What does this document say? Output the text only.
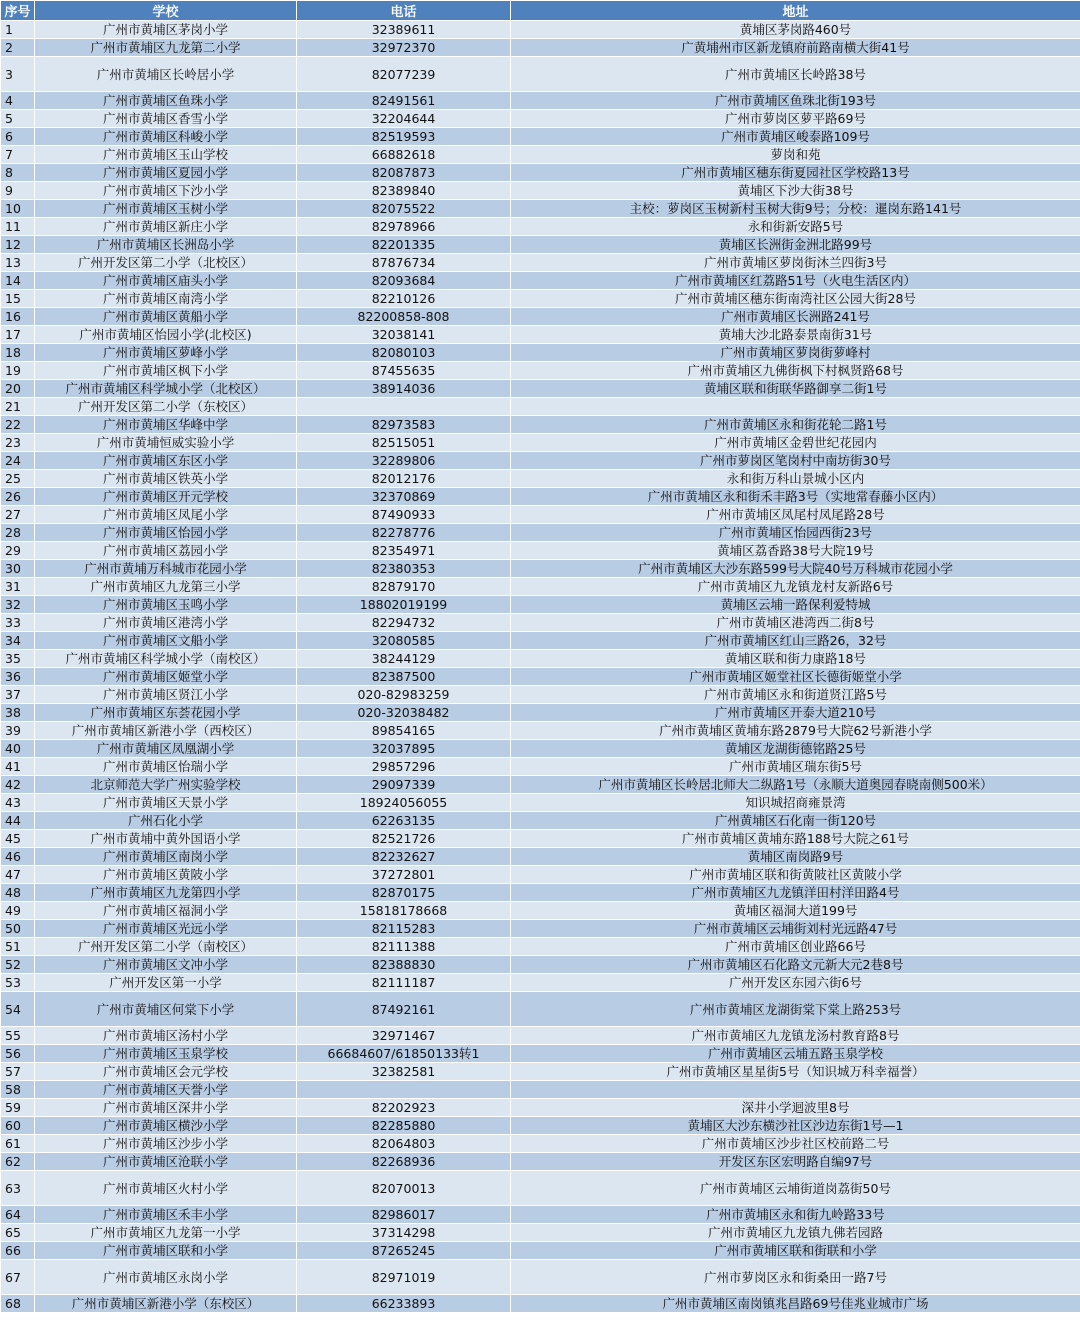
序号	学校	电话	地址
1	广州市黄埔区茅岗小学	32389611	黄埔区茅岗路460号
2	广州市黄埔区九龙第二小学	32972370	广黄埔州市区新龙镇府前路南横大街41号
3	广州市黄埔区长岭居小学	82077239	广州市黄埔区长岭路38号
4	广州市黄埔区鱼珠小学	82491561	广州市黄埔区鱼珠北街193号
5	广州市黄埔区香雪小学	32204644	广州市萝岗区萝平路69号
6	广州市黄埔区科峻小学	82519593	广州市黄埔区峻泰路109号
7	广州市黄埔区玉山学校	66882618	萝岗和苑
8	广州市黄埔区夏园小学	82087873	广州市黄埔区穗东街夏园社区学校路13号
9	广州市黄埔区下沙小学	82389840	黄埔区下沙大街38号
10	广州市黄埔区玉树小学	82075522	主校：萝岗区玉树新村玉树大街9号；分校：暹岗东路141号
11	广州市黄埔区新庄小学	82978966	永和街新安路5号
12	广州市黄埔区长洲岛小学	82201335	黄埔区长洲街金洲北路99号
13	广州开发区第二小学（北校区）	87876734	广州市黄埔区萝岗街沐兰四街3号
14	广州市黄埔区庙头小学	82093684	广州市黄埔区红荔路51号（火电生活区内）
15	广州市黄埔区南湾小学	82210126	广州市黄埔区穗东街南湾社区公园大街28号
16	广州市黄埔区黄船小学	82200858-808	广州市黄埔区长洲路241号
17	广州市黄埔区怡园小学(北校区)	32038141	黄埔大沙北路泰景南街31号
18	广州市黄埔区萝峰小学	82080103	广州市黄埔区萝岗街萝峰村
19	广州市黄埔区枫下小学	87455635	广州市黄埔区九佛街枫下村枫贤路68号
20	广州市黄埔区科学城小学（北校区）	38914036	黄埔区联和街联华路御享二街1号
21	广州开发区第二小学（东校区）		
22	广州市黄埔区华峰中学	82973583	广州市黄埔区永和街花轮二路1号
23	广州市黄埔恒威实验小学	82515051	广州市黄埔区金碧世纪花园内
24	广州市黄埔区东区小学	32289806	广州市萝岗区笔岗村中南坊街30号
25	广州市黄埔区铁英小学	82012176	永和街万科山景城小区内
26	广州市黄埔区开元学校	32370869	广州市黄埔区永和街禾丰路3号（实地常春藤小区内）
27	广州市黄埔区凤尾小学	87490933	广州市黄埔区凤尾村凤尾路28号
28	广州市黄埔区怡园小学	82278776	广州市黄埔区怡园西街23号
29	广州市黄埔区荔园小学	82354971	黄埔区荔香路38号大院19号
30	广州市黄埔万科城市花园小学	82380353	广州市黄埔区大沙东路599号大院40号万科城市花园小学
31	广州市黄埔区九龙第三小学	82879170	广州市黄埔区九龙镇龙村友新路6号
32	广州市黄埔区玉鸣小学	18802019199	黄埔区云埔一路保利爱特城
33	广州市黄埔区港湾小学	82294732	广州市黄埔区港湾西二街8号
34	广州市黄埔区文船小学	32080585	广州市黄埔区红山三路26，32号
35	广州市黄埔区科学城小学（南校区）	38244129	黄埔区联和街力康路18号
36	广州市黄埔区姬堂小学	82387500	广州市黄埔区姬堂社区长德街姬堂小学
37	广州市黄埔区贤江小学	020-82983259	广州市黄埔区永和街道贤江路5号
38	广州市黄埔区东荟花园小学	020-32038482	广州市黄埔区开泰大道210号
39	广州市黄埔区新港小学（西校区）	89854165	广州市黄埔区黄埔东路2879号大院62号新港小学
40	广州市黄埔区凤凰湖小学	32037895	黄埔区龙湖街德铭路25号
41	广州市黄埔区怡瑞小学	29857296	广州市黄埔区瑞东街5号
42	北京师范大学广州实验学校	29097339	广州市黄埔区长岭居北师大二纵路1号（永顺大道奥园春晓南侧500米）
43	广州市黄埔区天景小学	18924056055	知识城招商雍景湾
44	广州石化小学	62263135	广州黄埔区石化南一街120号
45	广州市黄埔中黄外国语小学	82521726	广州市黄埔区黄埔东路188号大院之61号
46	广州市黄埔区南岗小学	82232627	黄埔区南岗路9号
47	广州市黄埔区黄陂小学	37272801	广州市黄埔区联和街黄陂社区黄陂小学
48	广州市黄埔区九龙第四小学	82870175	广州市黄埔区九龙镇洋田村洋田路4号
49	广州市黄埔区福洞小学	15818178668	黄埔区福洞大道199号
50	广州市黄埔区光远小学	82115283	广州市黄埔区云埔街刘村光远路47号
51	广州开发区第二小学（南校区）	82111388	广州市黄埔区创业路66号
52	广州市黄埔区文冲小学	82388830	广州市黄埔区石化路文元新大元2巷8号
53	广州开发区第一小学	82111187	广州开发区东园六街6号
54	广州市黄埔区何棠下小学	87492161	广州市黄埔区龙湖街棠下棠上路253号
55	广州市黄埔区汤村小学	32971467	广州市黄埔区九龙镇龙汤村教育路8号
56	广州市黄埔区玉泉学校	66684607/61850133转1	广州市黄埔区云埔五路玉泉学校
57	广州市黄埔区会元学校	32382581	广州市黄埔区星星街5号（知识城万科幸福誉）
58	广州市黄埔区天誉小学		
59	广州市黄埔区深井小学	82202923	深井小学迴波里8号
60	广州市黄埔区横沙小学	82285880	黄埔区大沙东横沙社区沙边东街1号—1
61	广州市黄埔区沙步小学	82064803	广州市黄埔区沙步社区校前路二号
62	广州市黄埔区沧联小学	82268936	开发区东区宏明路自编97号
63	广州市黄埔区火村小学	82070013	广州市黄埔区云埔街道岗荔街50号
64	广州市黄埔区禾丰小学	82986017	广州市黄埔区永和街九岭路33号
65	广州市黄埔区九龙第一小学	37314298	广州市黄埔区九龙镇九佛若园路
66	广州市黄埔区联和小学	87265245	广州市黄埔区联和街联和小学
67	广州市黄埔区永岗小学	82971019	广州市萝岗区永和街桑田一路7号
68	广州市黄埔区新港小学（东校区）	66233893	广州市黄埔区南岗镇兆昌路69号佳兆业城市广场
